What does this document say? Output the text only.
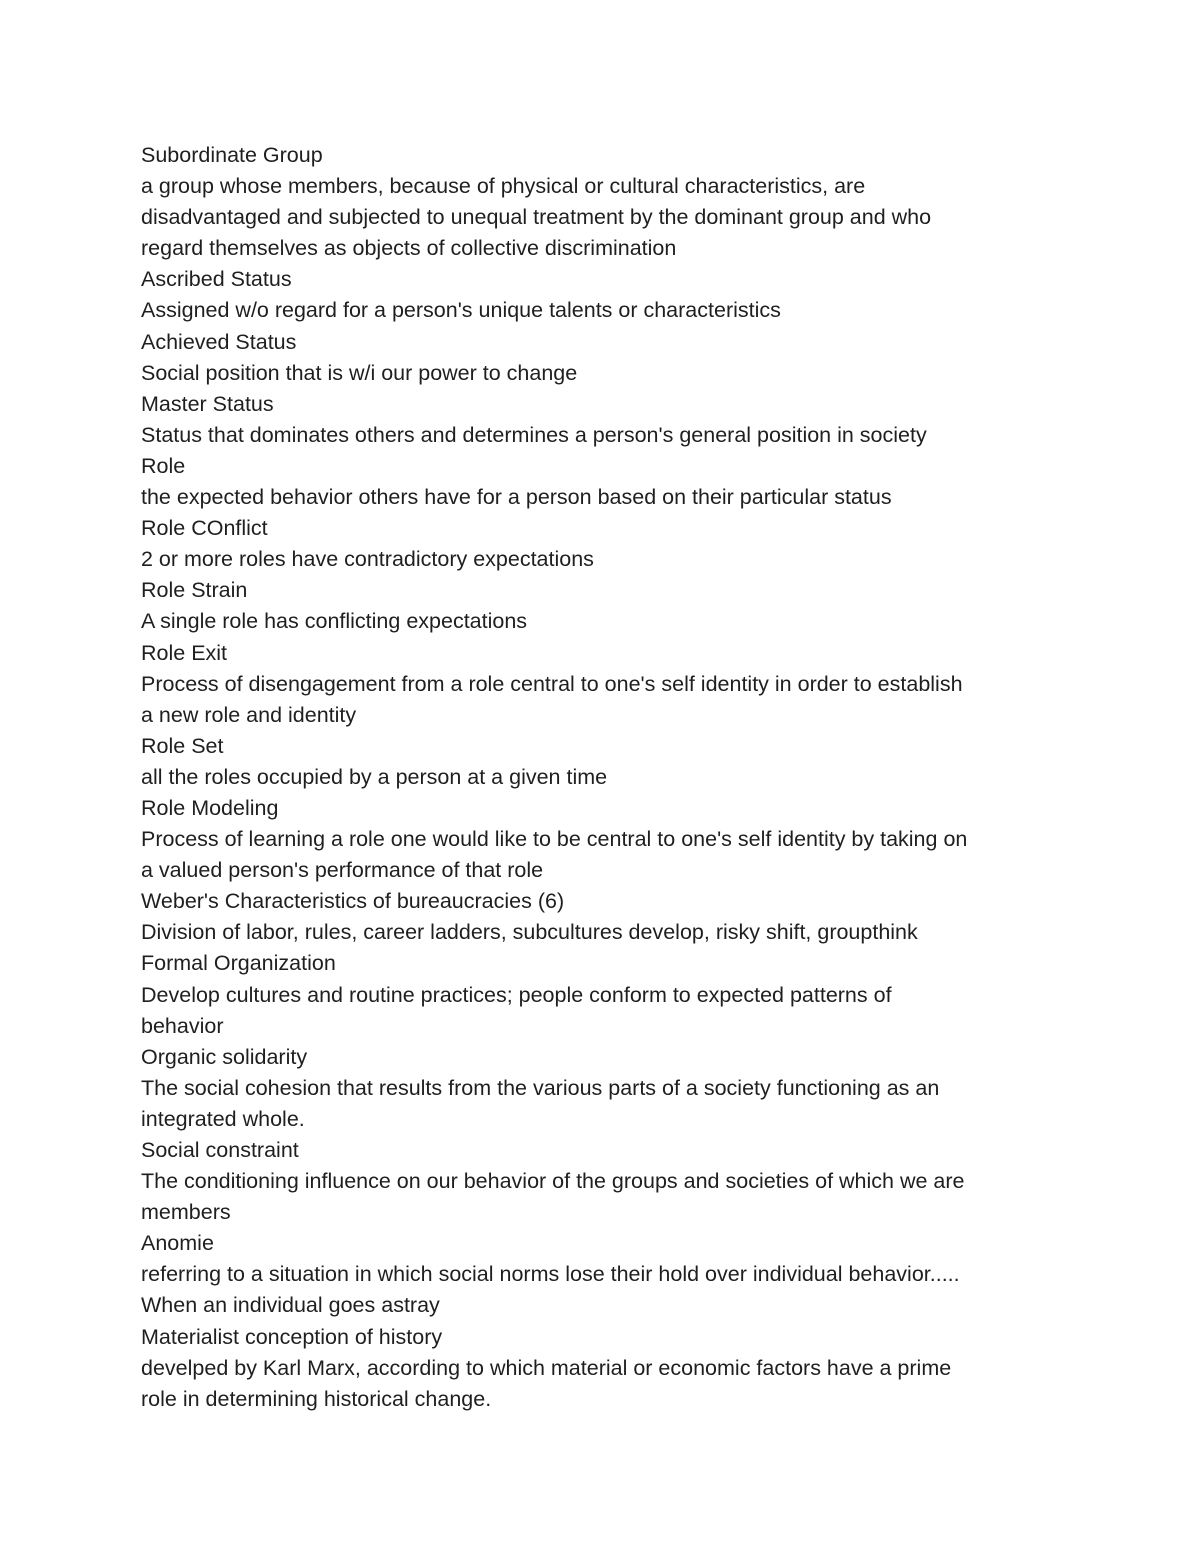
Subordinate Group
a group whose members, because of physical or cultural characteristics, are
disadvantaged and subjected to unequal treatment by the dominant group and who
regard themselves as objects of collective discrimination
Ascribed Status
Assigned w/o regard for a person's unique talents or characteristics
Achieved Status
Social position that is w/i our power to change
Master Status
Status that dominates others and determines a person's general position in society
Role
the expected behavior others have for a person based on their particular status
Role COnflict
2 or more roles have contradictory expectations
Role Strain
A single role has conflicting expectations
Role Exit
Process of disengagement from a role central to one's self identity in order to establish
a new role and identity
Role Set
all the roles occupied by a person at a given time
Role Modeling
Process of learning a role one would like to be central to one's self identity by taking on
a valued person's performance of that role
Weber's Characteristics of bureaucracies (6)
Division of labor, rules, career ladders, subcultures develop, risky shift, groupthink
Formal Organization
Develop cultures and routine practices; people conform to expected patterns of
behavior
Organic solidarity
The social cohesion that results from the various parts of a society functioning as an
integrated whole.
Social constraint
The conditioning influence on our behavior of the groups and societies of which we are
members
Anomie
referring to a situation in which social norms lose their hold over individual behavior.....
When an individual goes astray
Materialist conception of history
develped by Karl Marx, according to which material or economic factors have a prime
role in determining historical change.
